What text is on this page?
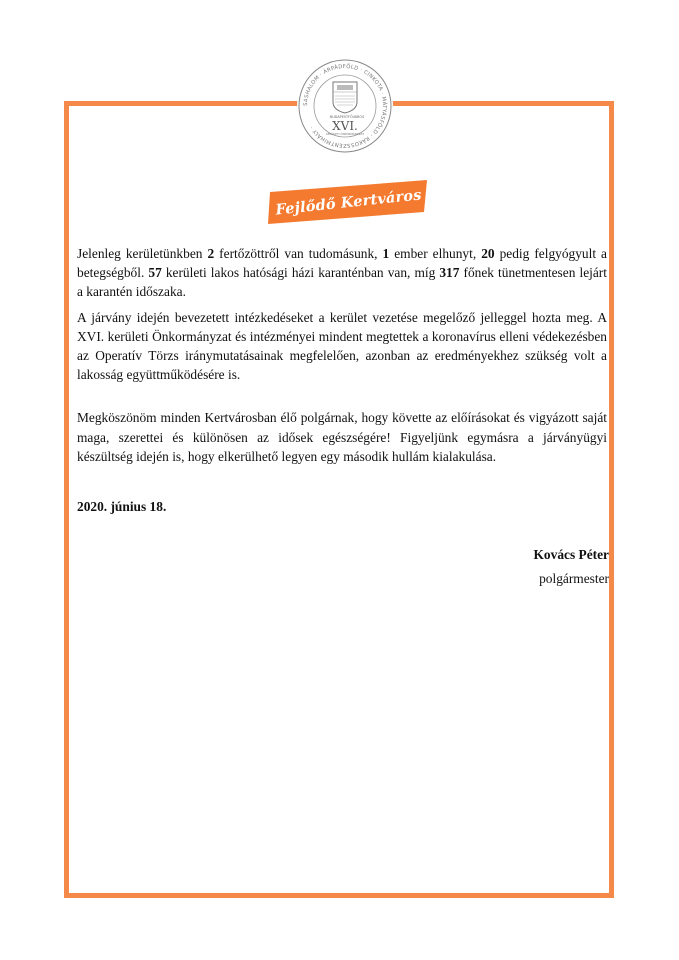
SASHALOM · ÁRPÁDFÖLD · CINKOTA · MÁTYÁSFÖLD · RÁKOSSZENTMIHÁLY ·
BUDAPEST FŐVÁROS
XVI.
KERÜLETI ÖNKORMÁNYZAT
Fejlődő Kertváros

Jelenleg kerületünkben 2 fertőzöttről van tudomásunk, 1 ember elhunyt, 20 pedig felgyógyult a betegségből. 57 kerületi lakos hatósági házi karanténban van, míg 317 főnek tünetmentesen lejárt a karantén időszaka.

A járvány idején bevezetett intézkedéseket a kerület vezetése megelőző jelleggel hozta meg. A XVI. kerületi Önkormányzat és intézményei mindent megtettek a koronavírus elleni védekezésben az Operatív Törzs iránymutatásainak megfelelően, azonban az eredményekhez szükség volt a lakosság együttműködésére is.

Megköszönöm minden Kertvárosban élő polgárnak, hogy követte az előírásokat és vigyázott saját maga, szerettei és különösen az idősek egészségére! Figyeljünk egymásra a járványügyi készültség idején is, hogy elkerülhető legyen egy második hullám kialakulása.

2020. június 18.
Kovács Péter
polgármester
